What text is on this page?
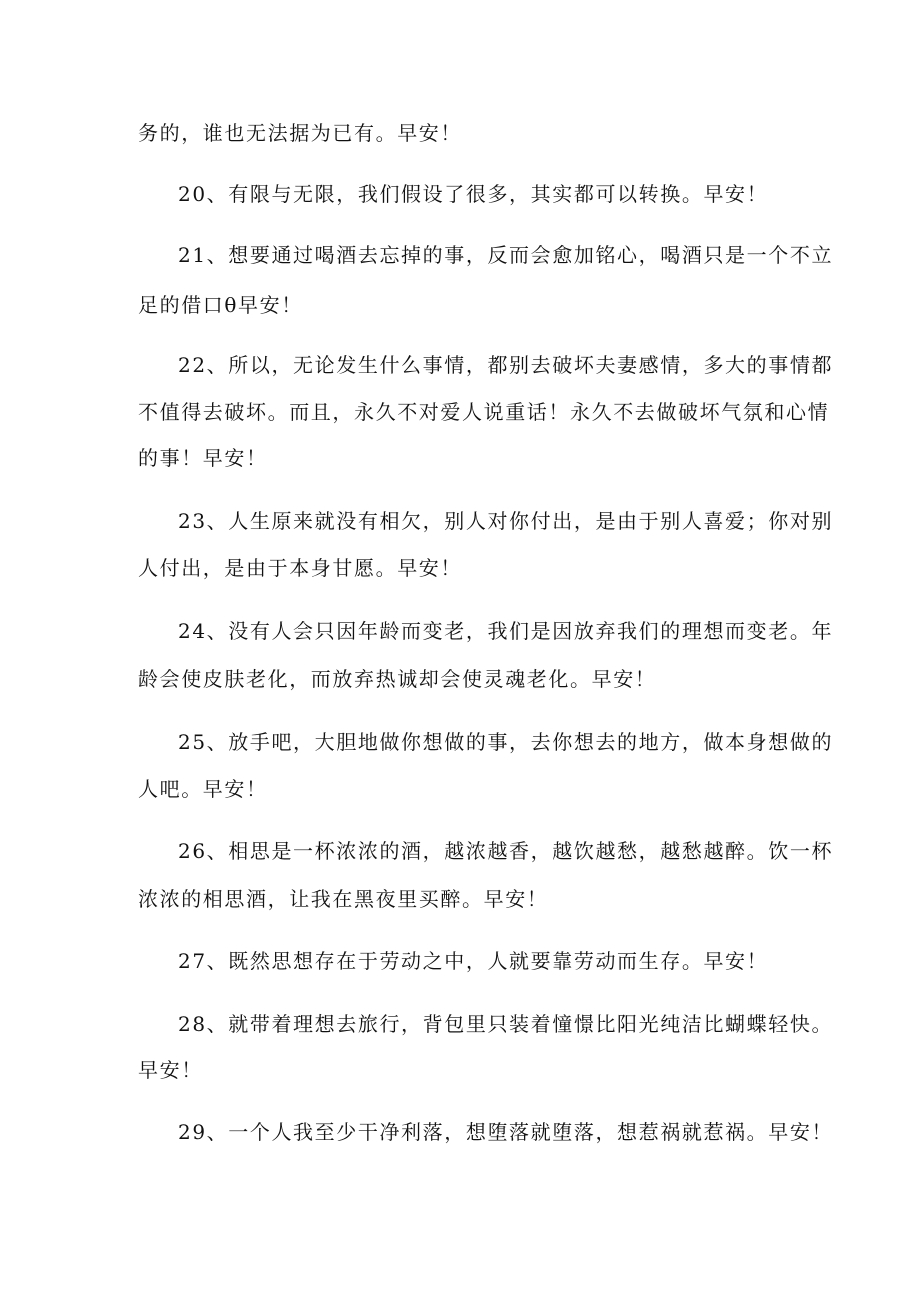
务的，谁也无法据为已有。早安！
20、有限与无限，我们假设了很多，其实都可以转换。早安！
21、想要通过喝酒去忘掉的事，反而会愈加铭心，喝酒只是一个不立
足的借口θ早安！
22、所以，无论发生什么事情，都别去破坏夫妻感情，多大的事情都
不值得去破坏。而且，永久不对爱人说重话！永久不去做破坏气氛和心情
的事！早安！
23、人生原来就没有相欠，别人对你付出，是由于别人喜爱；你对别
人付出，是由于本身甘愿。早安！
24、没有人会只因年龄而变老，我们是因放弃我们的理想而变老。年
龄会使皮肤老化，而放弃热诚却会使灵魂老化。早安！
25、放手吧，大胆地做你想做的事，去你想去的地方，做本身想做的
人吧。早安！
26、相思是一杯浓浓的酒，越浓越香，越饮越愁，越愁越醉。饮一杯
浓浓的相思酒，让我在黑夜里买醉。早安！
27、既然思想存在于劳动之中，人就要靠劳动而生存。早安！
28、就带着理想去旅行，背包里只装着憧憬比阳光纯洁比蝴蝶轻快。
早安！
29、一个人我至少干净利落，想堕落就堕落，想惹祸就惹祸。早安！
